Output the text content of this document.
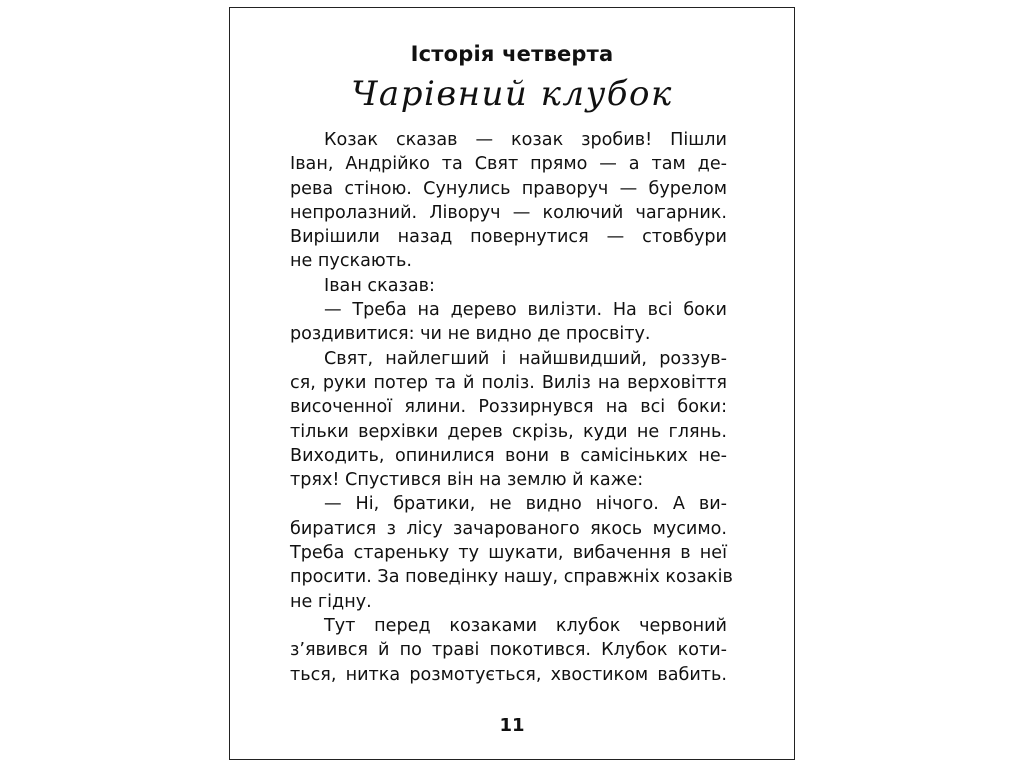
Історія четверта
Чарівний клубок
Козак сказав — козак зробив! Пішли
Іван, Андрійко та Свят прямо — а там де-
рева стіною. Сунулись праворуч — бурелом
непролазний. Ліворуч — колючий чагарник.
Вирішили назад повернутися — стовбури
не пускають.
Іван сказав:
— Треба на дерево вилізти. На всі боки
роздивитися: чи не видно де просвіту.
Свят, найлегший і найшвидший, роззув-
ся, руки потер та й поліз. Виліз на верховіття
височенної ялини. Роззирнувся на всі боки:
тільки верхівки дерев скрізь, куди не глянь.
Виходить, опинилися вони в самісіньких не-
трях! Спустився він на землю й каже:
— Ні, братики, не видно нічого. А ви-
биратися з лісу зачарованого якось мусимо.
Треба стареньку ту шукати, вибачення в неї
просити. За поведінку нашу, справжніх козаків
не гідну.
Тут перед козаками клубок червоний
з’явився й по траві покотився. Клубок коти-
ться, нитка розмотується, хвостиком вабить.
11
